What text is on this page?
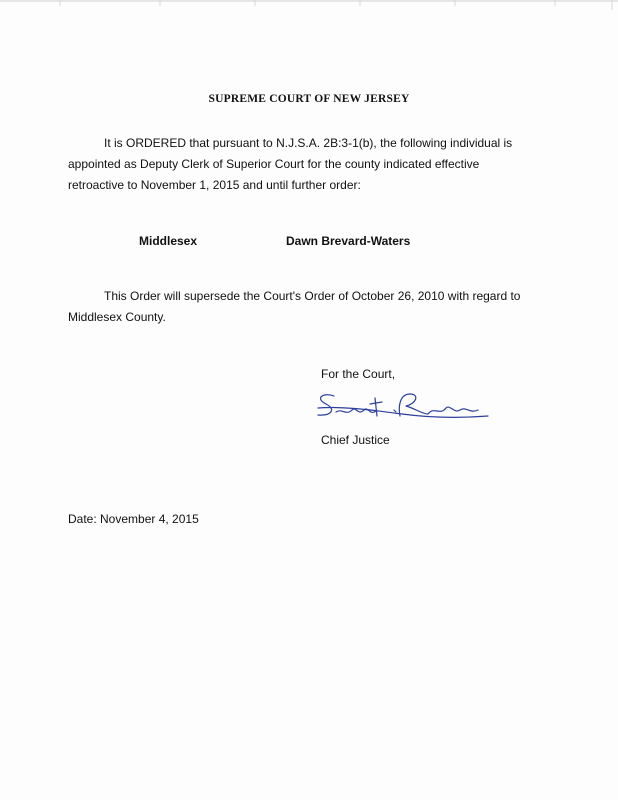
SUPREME COURT OF NEW JERSEY

It is ORDERED that pursuant to N.J.S.A. 2B:3-1(b), the following individual is
appointed as Deputy Clerk of Superior Court for the county indicated effective
retroactive to November 1, 2015 and until further order:

Middlesex	Dawn Brevard-Waters

This Order will supersede the Court's Order of October 26, 2010 with regard to
Middlesex County.

For the Court,
Chief Justice
Date: November 4, 2015
